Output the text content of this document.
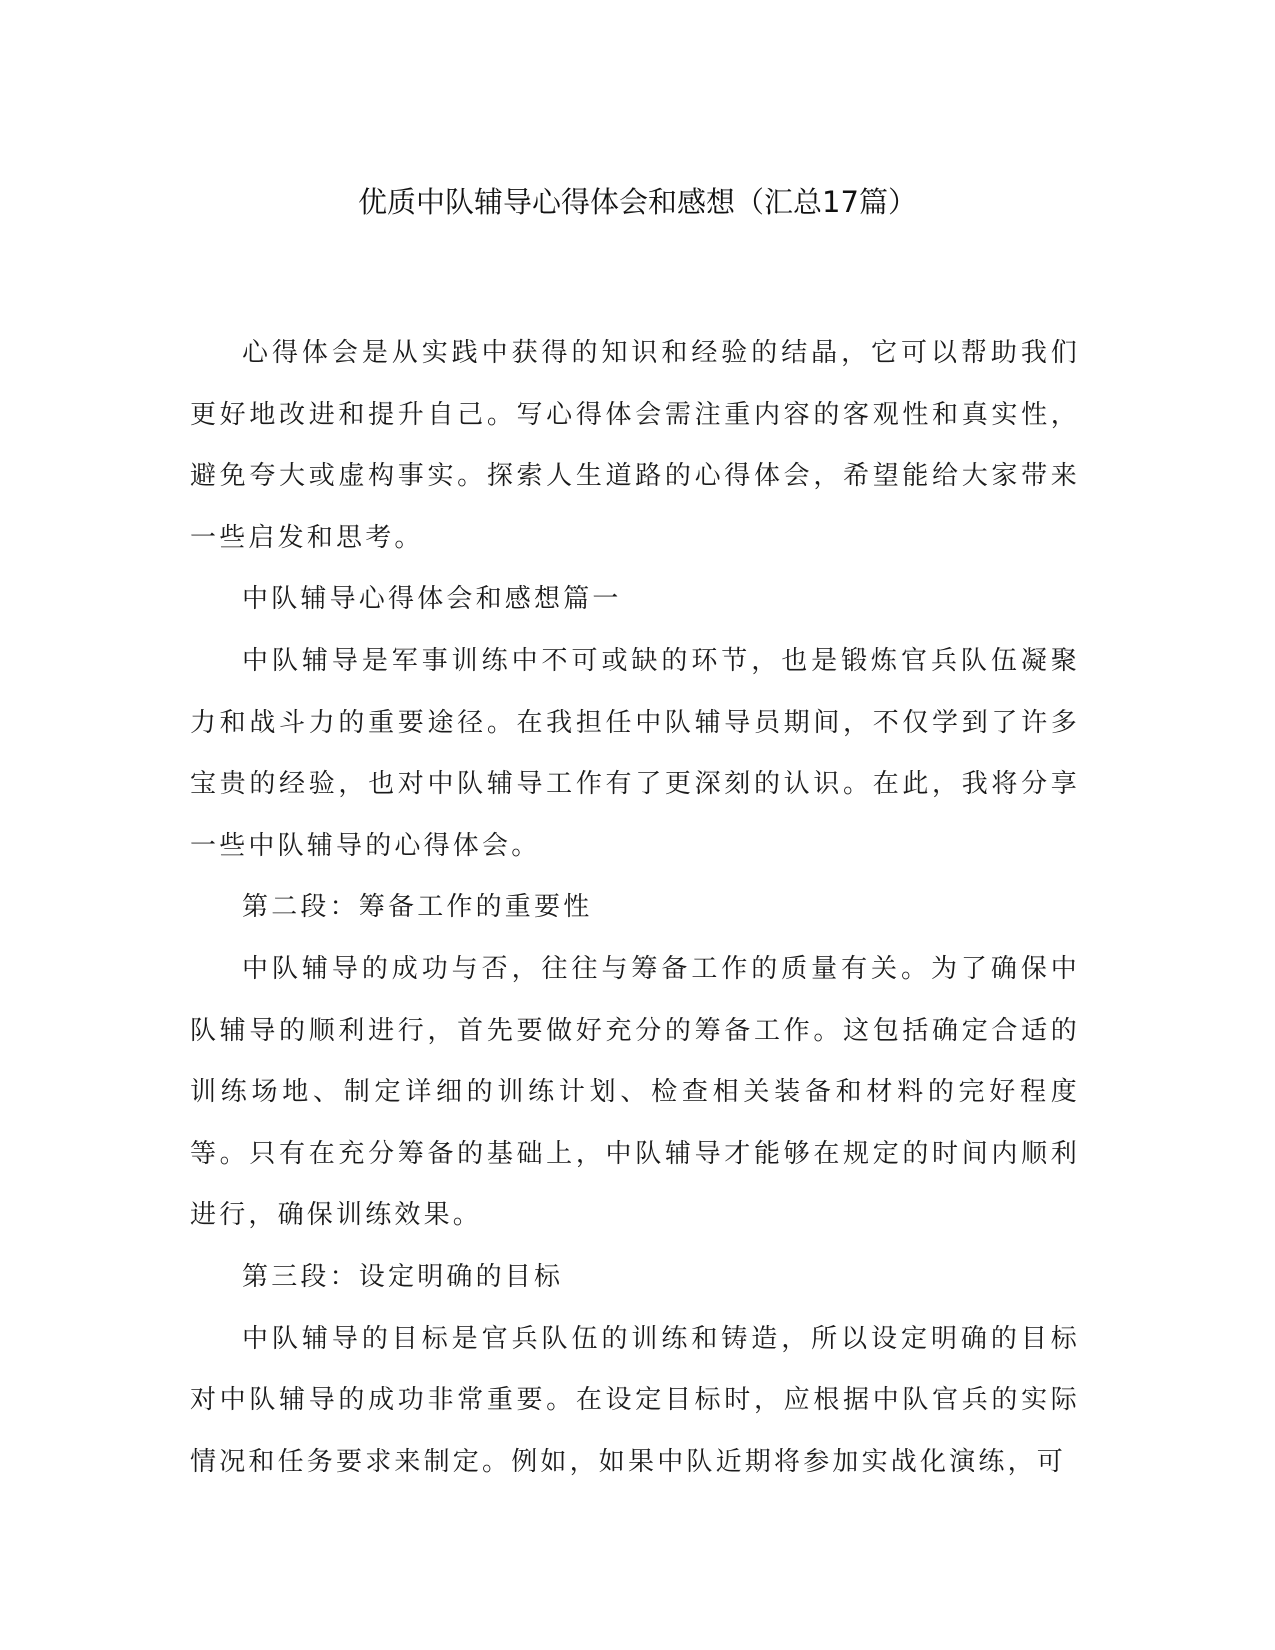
优质中队辅导心得体会和感想（汇总17篇）

心得体会是从实践中获得的知识和经验的结晶，它可以帮助我们更好地改进和提升自己。写心得体会需注重内容的客观性和真实性，避免夸大或虚构事实。探索人生道路的心得体会，希望能给大家带来一些启发和思考。

中队辅导心得体会和感想篇一

中队辅导是军事训练中不可或缺的环节，也是锻炼官兵队伍凝聚力和战斗力的重要途径。在我担任中队辅导员期间，不仅学到了许多宝贵的经验，也对中队辅导工作有了更深刻的认识。在此，我将分享一些中队辅导的心得体会。

第二段：筹备工作的重要性

中队辅导的成功与否，往往与筹备工作的质量有关。为了确保中队辅导的顺利进行，首先要做好充分的筹备工作。这包括确定合适的训练场地、制定详细的训练计划、检查相关装备和材料的完好程度等。只有在充分筹备的基础上，中队辅导才能够在规定的时间内顺利进行，确保训练效果。

第三段：设定明确的目标

中队辅导的目标是官兵队伍的训练和铸造，所以设定明确的目标对中队辅导的成功非常重要。在设定目标时，应根据中队官兵的实际情况和任务要求来制定。例如，如果中队近期将参加实战化演练，可
